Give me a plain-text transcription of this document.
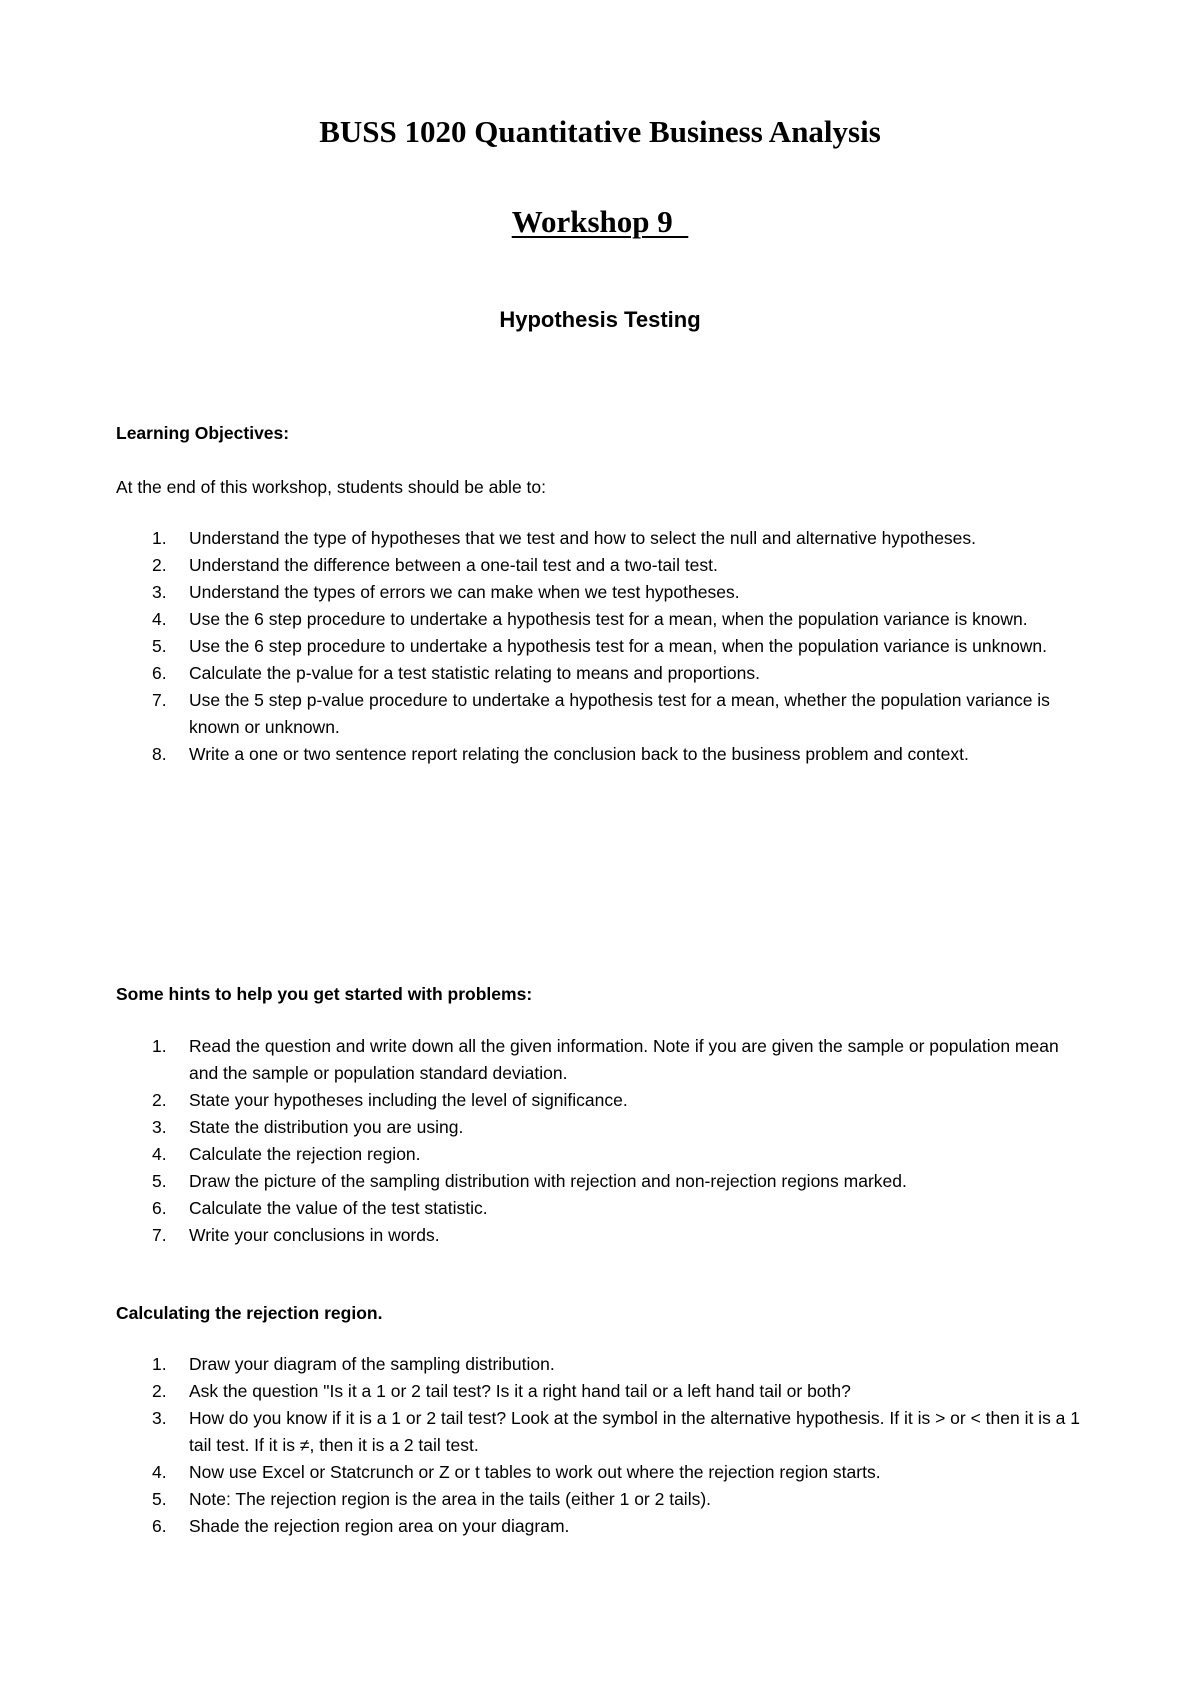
BUSS 1020 Quantitative Business Analysis
Workshop 9
Hypothesis Testing
Learning Objectives:
At the end of this workshop, students should be able to:
1. Understand the type of hypotheses that we test and how to select the null and alternative hypotheses.
2. Understand the difference between a one-tail test and a two-tail test.
3. Understand the types of errors we can make when we test hypotheses.
4. Use the 6 step procedure to undertake a hypothesis test for a mean, when the population variance is known.
5. Use the 6 step procedure to undertake a hypothesis test for a mean, when the population variance is unknown.
6. Calculate the p-value for a test statistic relating to means and proportions.
7. Use the 5 step p-value procedure to undertake a hypothesis test for a mean, whether the population variance is known or unknown.
8. Write a one or two sentence report relating the conclusion back to the business problem and context.
Some hints to help you get started with problems:
1. Read the question and write down all the given information. Note if you are given the sample or population mean and the sample or population standard deviation.
2. State your hypotheses including the level of significance.
3. State the distribution you are using.
4. Calculate the rejection region.
5. Draw the picture of the sampling distribution with rejection and non-rejection regions marked.
6. Calculate the value of the test statistic.
7. Write your conclusions in words.
Calculating the rejection region.
1. Draw your diagram of the sampling distribution.
2. Ask the question "Is it a 1 or 2 tail test? Is it a right hand tail or a left hand tail or both?
3. How do you know if it is a 1 or 2 tail test? Look at the symbol in the alternative hypothesis. If it is > or < then it is a 1 tail test. If it is ≠, then it is a 2 tail test.
4. Now use Excel or Statcrunch or Z or t tables to work out where the rejection region starts.
5. Note: The rejection region is the area in the tails (either 1 or 2 tails).
6. Shade the rejection region area on your diagram.
